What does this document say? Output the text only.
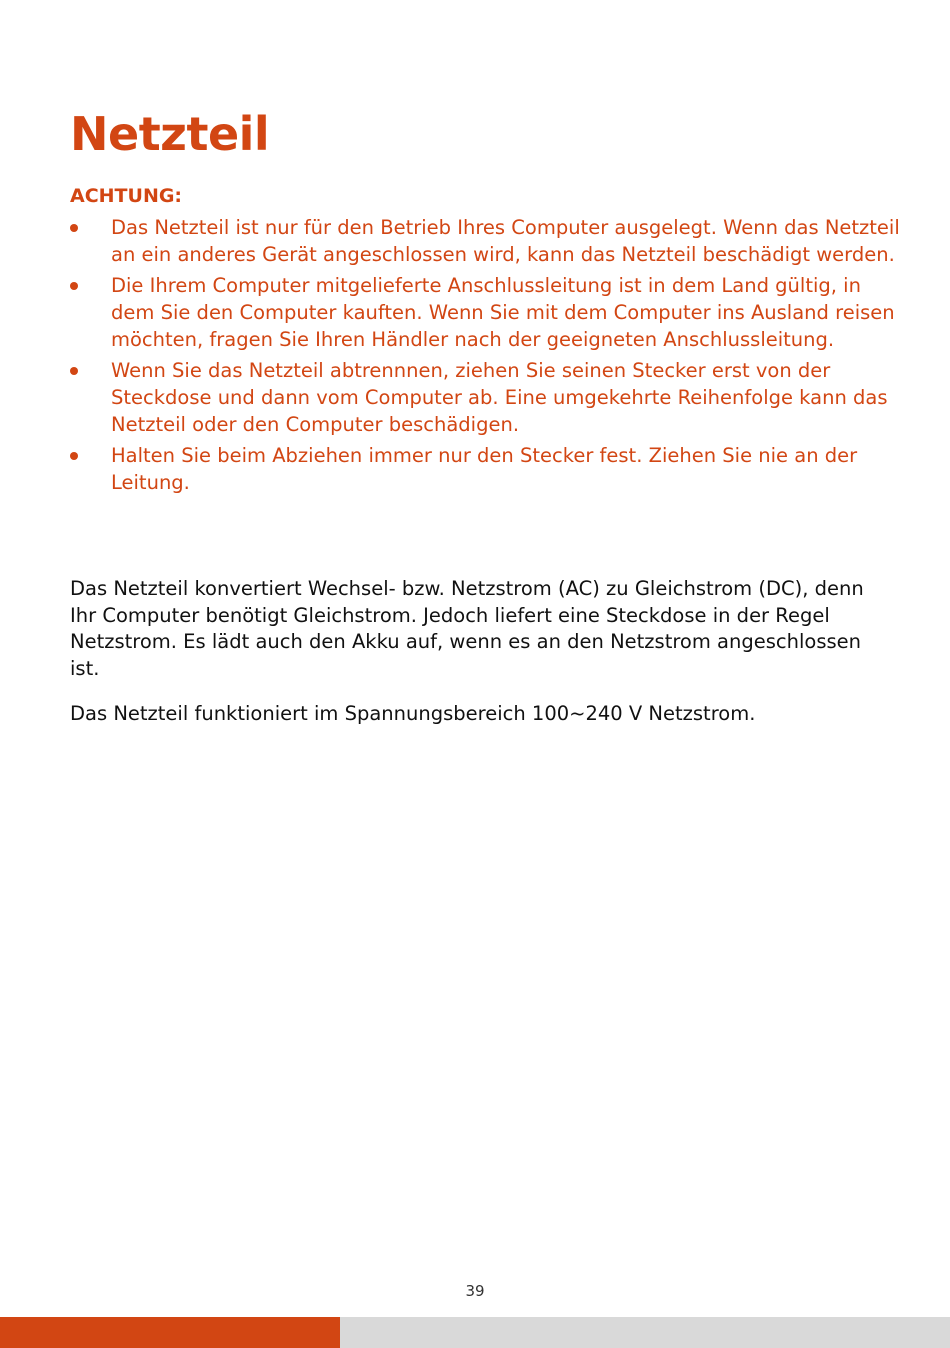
Netzteil
ACHTUNG:
Das Netzteil ist nur für den Betrieb Ihres Computer ausgelegt. Wenn das Netzteil an ein anderes Gerät angeschlossen wird, kann das Netzteil beschädigt werden.
Die Ihrem Computer mitgelieferte Anschlussleitung ist in dem Land gültig, in dem Sie den Computer kauften. Wenn Sie mit dem Computer ins Ausland reisen möchten, fragen Sie Ihren Händler nach der geeigneten Anschlussleitung.
Wenn Sie das Netzteil abtrennnen, ziehen Sie seinen Stecker erst von der Steckdose und dann vom Computer ab. Eine umgekehrte Reihenfolge kann das Netzteil oder den Computer beschädigen.
Halten Sie beim Abziehen immer nur den Stecker fest. Ziehen Sie nie an der Leitung.

Das Netzteil konvertiert Wechsel- bzw. Netzstrom (AC) zu Gleichstrom (DC), denn Ihr Computer benötigt Gleichstrom. Jedoch liefert eine Steckdose in der Regel Netzstrom. Es lädt auch den Akku auf, wenn es an den Netzstrom angeschlossen ist.

Das Netzteil funktioniert im Spannungsbereich 100~240 V Netzstrom.

39
